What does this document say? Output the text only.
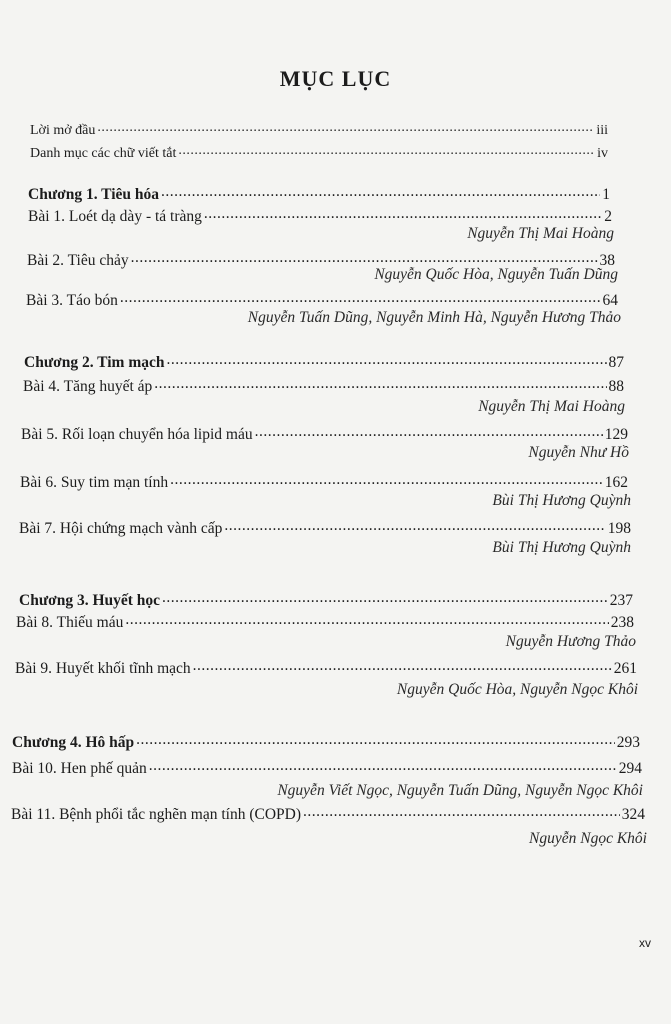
MỤC LỤC
Lời mở đầu .....	iii
Danh mục các chữ viết tắt .....	iv
Chương 1. Tiêu hóa .....	1
Bài 1. Loét dạ dày - tá tràng .....	2
Nguyễn Thị Mai Hoàng
Bài 2. Tiêu chảy .....	38
Nguyễn Quốc Hòa, Nguyễn Tuấn Dũng
Bài 3. Táo bón .....	64
Nguyễn Tuấn Dũng, Nguyễn Minh Hà, Nguyễn Hương Thảo
Chương 2. Tim mạch .....	87
Bài 4. Tăng huyết áp .....	88
Nguyễn Thị Mai Hoàng
Bài 5. Rối loạn chuyển hóa lipid máu .....	129
Nguyễn Như Hồ
Bài 6. Suy tim mạn tính .....	162
Bùi Thị Hương Quỳnh
Bài 7. Hội chứng mạch vành cấp .....	198
Bùi Thị Hương Quỳnh
Chương 3. Huyết học .....	237
Bài 8. Thiếu máu .....	238
Nguyễn Hương Thảo
Bài 9. Huyết khối tĩnh mạch .....	261
Nguyễn Quốc Hòa, Nguyễn Ngọc Khôi
Chương 4. Hô hấp .....	293
Bài 10. Hen phế quản .....	294
Nguyễn Viết Ngọc, Nguyễn Tuấn Dũng, Nguyễn Ngọc Khôi
Bài 11. Bệnh phổi tắc nghẽn mạn tính (COPD) .....	324
Nguyễn Ngọc Khôi
xv
